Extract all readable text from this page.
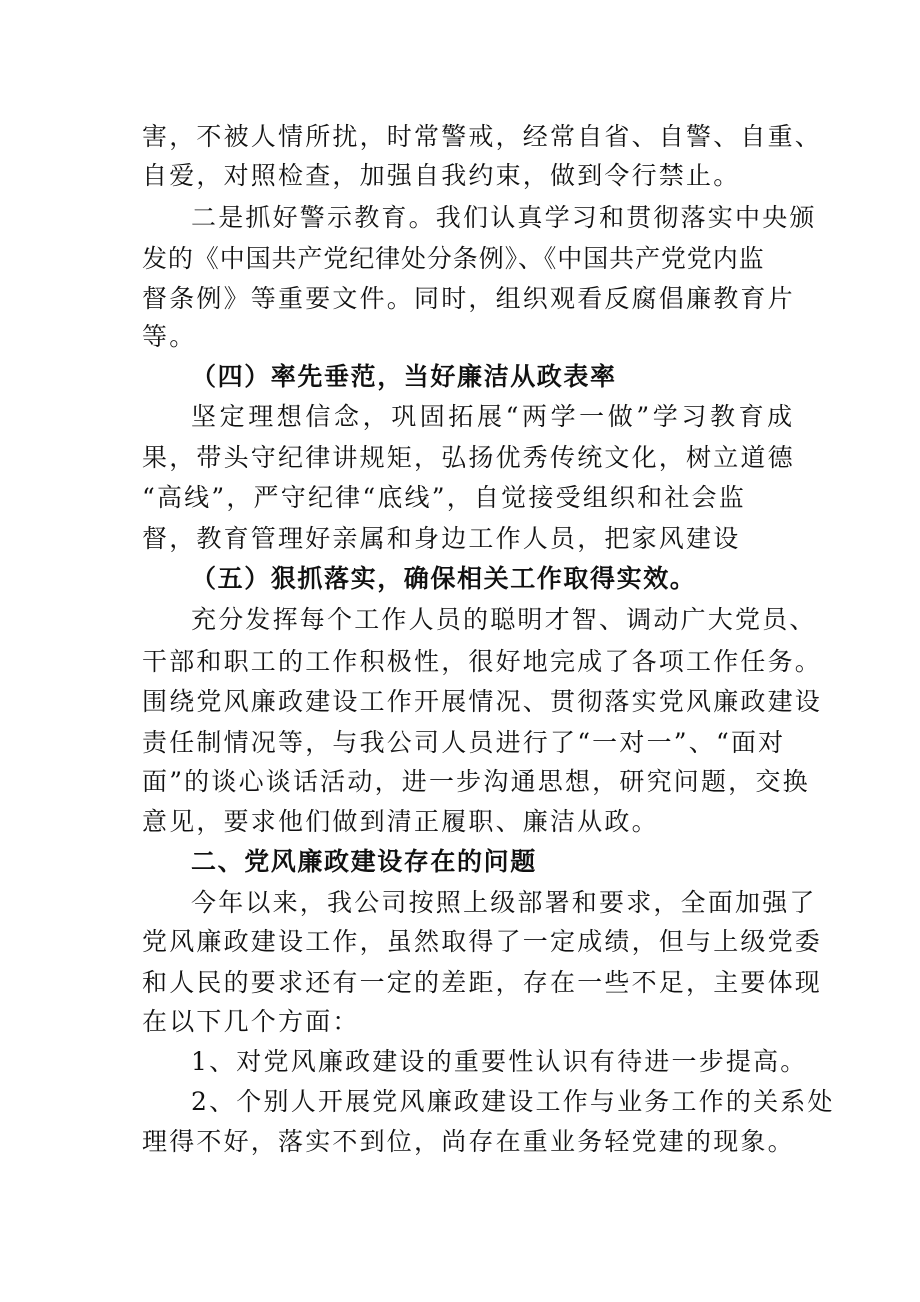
害，不被人情所扰，时常警戒，经常自省、自警、自重、
自爱，对照检查，加强自我约束，做到令行禁止。
二是抓好警示教育。我们认真学习和贯彻落实中央颁
发的《中国共产党纪律处分条例》、《中国共产党党内监
督条例》等重要文件。同时，组织观看反腐倡廉教育片
等。
（四）率先垂范，当好廉洁从政表率
坚定理想信念，巩固拓展“两学一做”学习教育成
果，带头守纪律讲规矩，弘扬优秀传统文化，树立道德
“高线”，严守纪律“底线”，自觉接受组织和社会监
督，教育管理好亲属和身边工作人员，把家风建设
（五）狠抓落实，确保相关工作取得实效。
充分发挥每个工作人员的聪明才智、调动广大党员、
干部和职工的工作积极性，很好地完成了各项工作任务。
围绕党风廉政建设工作开展情况、贯彻落实党风廉政建设
责任制情况等，与我公司人员进行了“一对一”、“面对
面”的谈心谈话活动，进一步沟通思想，研究问题，交换
意见，要求他们做到清正履职、廉洁从政。
二、党风廉政建设存在的问题
今年以来，我公司按照上级部署和要求，全面加强了
党风廉政建设工作，虽然取得了一定成绩，但与上级党委
和人民的要求还有一定的差距，存在一些不足，主要体现
在以下几个方面：
1、对党风廉政建设的重要性认识有待进一步提高。
2、个别人开展党风廉政建设工作与业务工作的关系处
理得不好，落实不到位，尚存在重业务轻党建的现象。
